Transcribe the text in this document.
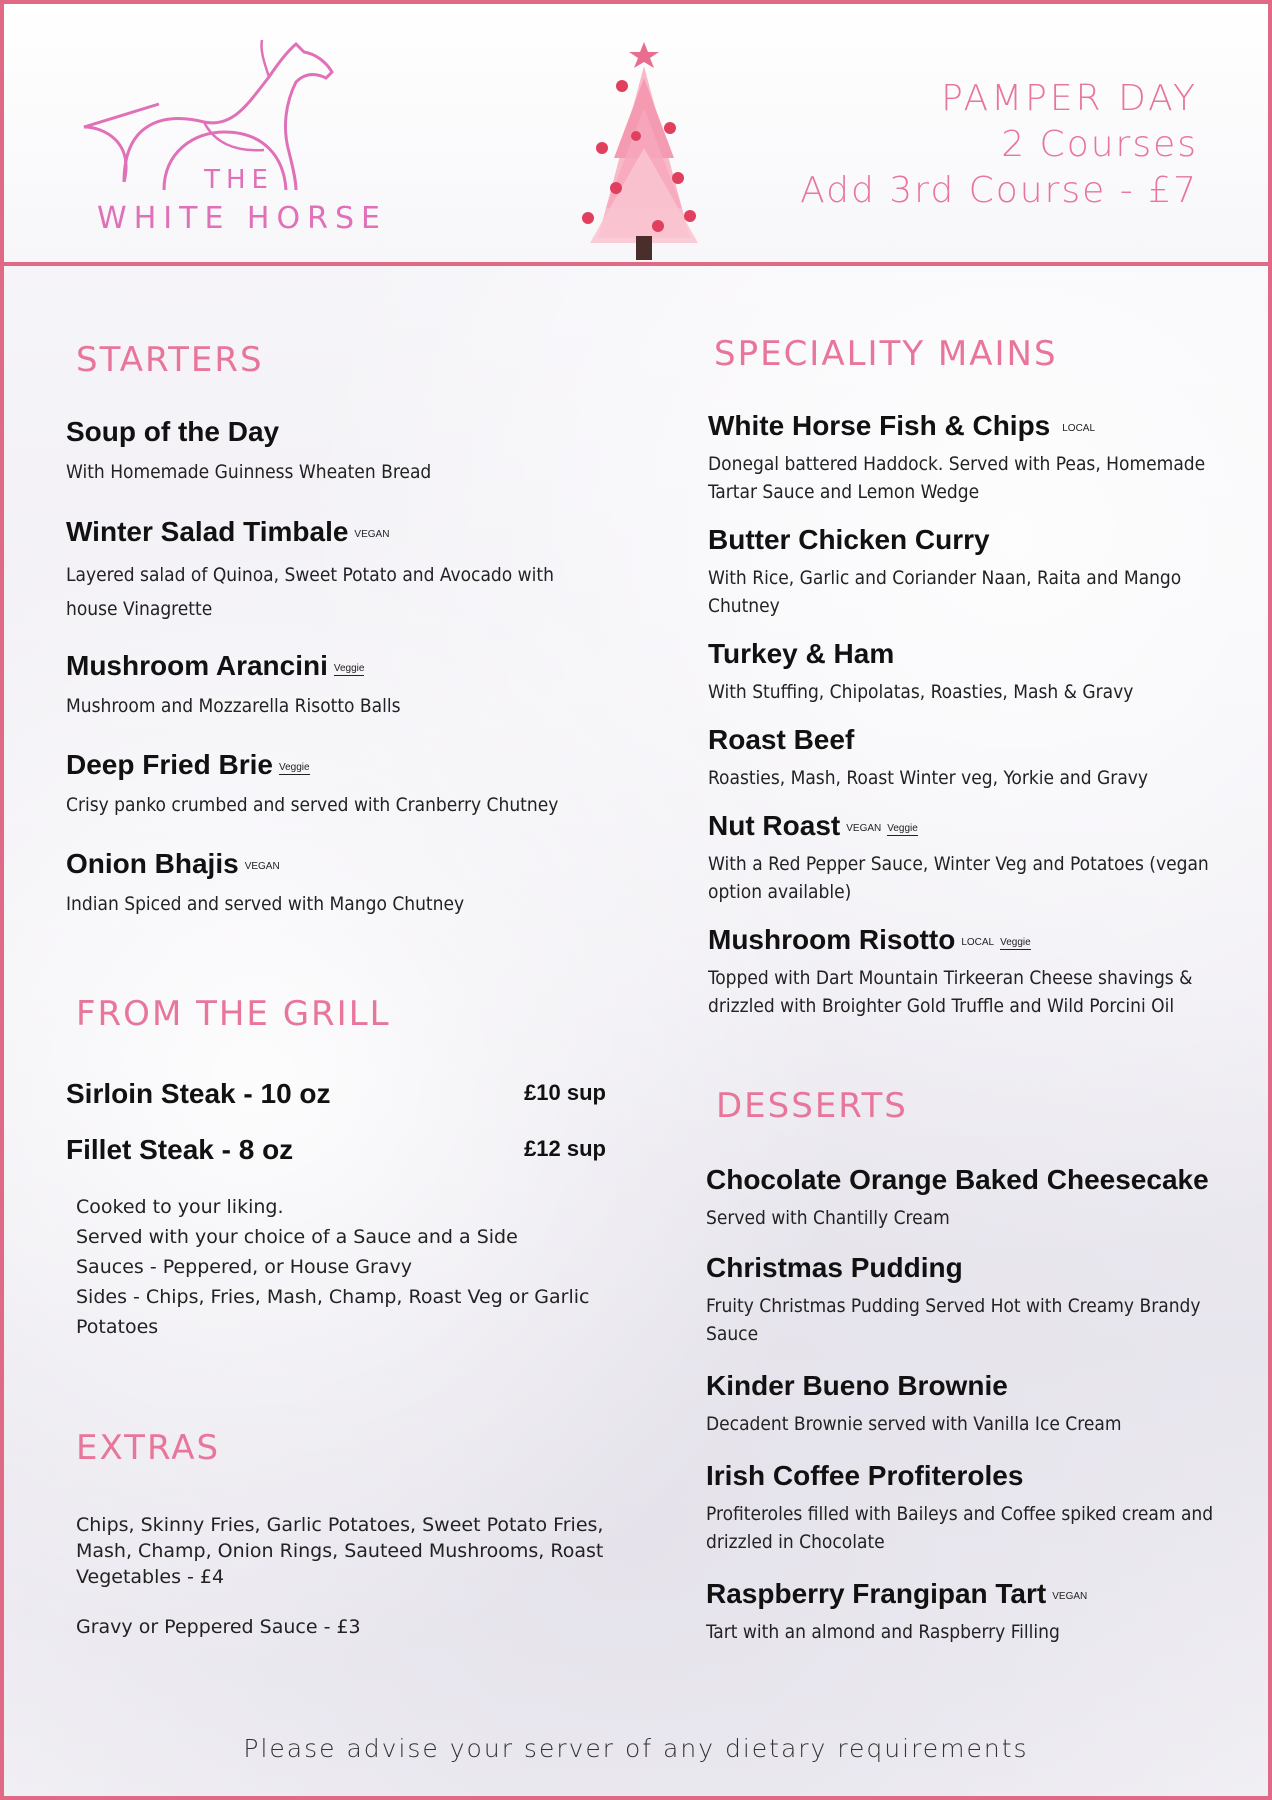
THE
WHITE HORSE
PAMPER DAY
2 Courses
Add 3rd Course - £7
STARTERS
Soup of the Day
With Homemade Guinness Wheaten Bread
Winter Salad Timbale VEGAN
Layered salad of Quinoa, Sweet Potato and Avocado with house Vinagrette
Mushroom Arancini Veggie
Mushroom and Mozzarella Risotto Balls
Deep Fried Brie Veggie
Crisy panko crumbed and served with Cranberry Chutney
Onion Bhajis VEGAN
Indian Spiced and served with Mango Chutney
FROM THE GRILL
Sirloin Steak - 10 oz	£10 sup
Fillet Steak - 8 oz	£12 sup
Cooked to your liking.
Served with your choice of a Sauce and a Side
Sauces - Peppered, or House Gravy
Sides - Chips, Fries, Mash, Champ, Roast Veg or Garlic
Potatoes
EXTRAS
Chips, Skinny Fries, Garlic Potatoes, Sweet Potato Fries, Mash, Champ, Onion Rings, Sauteed Mushrooms, Roast Vegetables - £4
Gravy or Peppered Sauce - £3
SPECIALITY MAINS
White Horse Fish & Chips LOCAL
Donegal battered Haddock. Served with Peas, Homemade Tartar Sauce and Lemon Wedge
Butter Chicken Curry
With Rice, Garlic and Coriander Naan, Raita and Mango Chutney
Turkey & Ham
With Stuffing, Chipolatas, Roasties, Mash & Gravy
Roast Beef
Roasties, Mash, Roast Winter veg, Yorkie and Gravy
Nut Roast VEGAN Veggie
With a Red Pepper Sauce, Winter Veg and Potatoes (vegan option available)
Mushroom Risotto LOCAL Veggie
Topped with Dart Mountain Tirkeeran Cheese shavings & drizzled with Broighter Gold Truffle and Wild Porcini Oil
DESSERTS
Chocolate Orange Baked Cheesecake
Served with Chantilly Cream
Christmas Pudding
Fruity Christmas Pudding Served Hot with Creamy Brandy Sauce
Kinder Bueno Brownie
Decadent Brownie served with Vanilla Ice Cream
Irish Coffee Profiteroles
Profiteroles filled with Baileys and Coffee spiked cream and drizzled in Chocolate
Raspberry Frangipan Tart VEGAN
Tart with an almond and Raspberry Filling
Please advise your server of any dietary requirements
